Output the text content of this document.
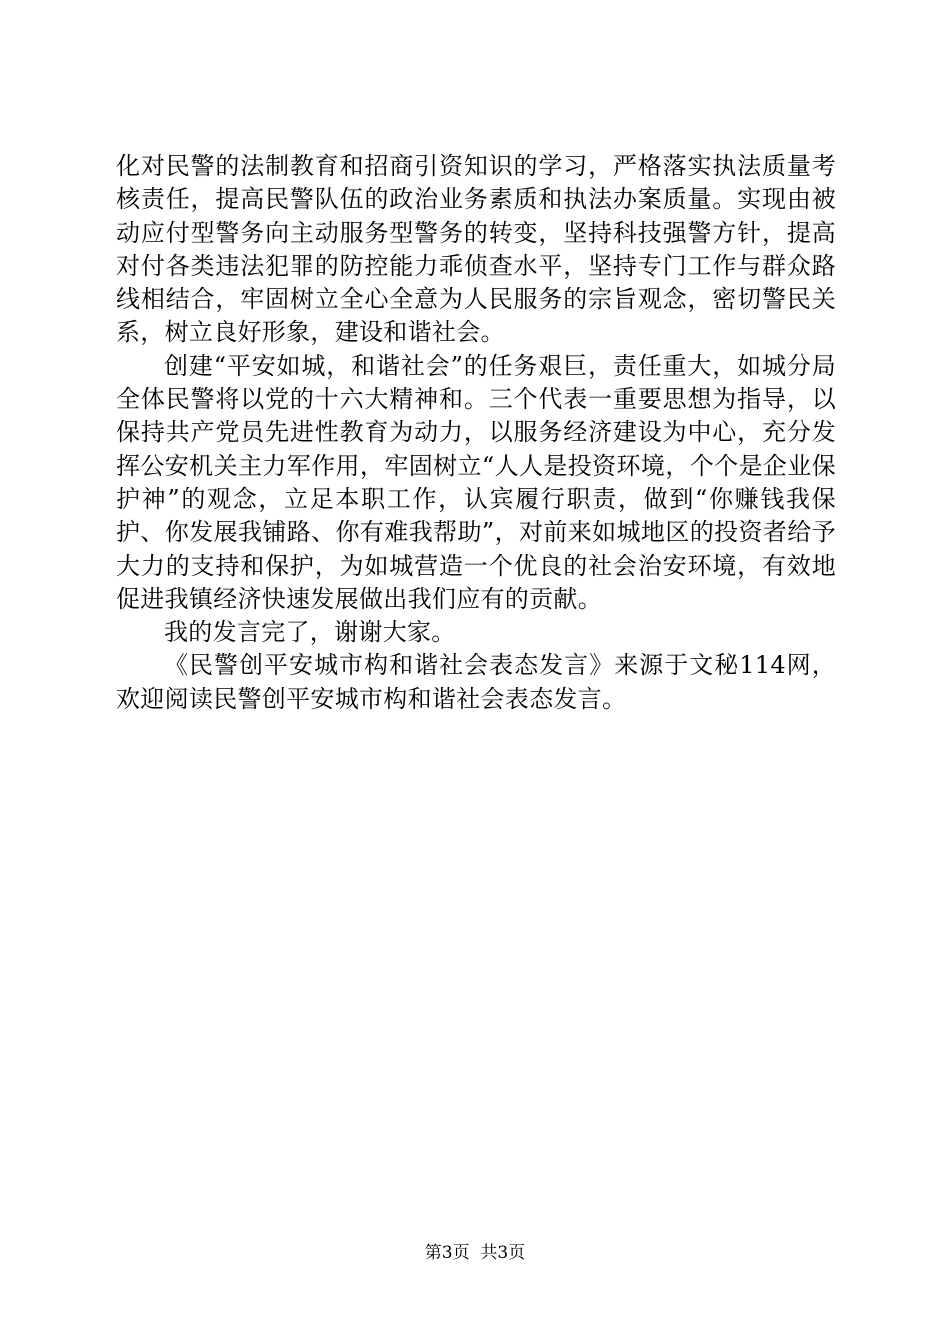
化对民警的法制教育和招商引资知识的学习，严格落实执法质量考核责任，提高民警队伍的政治业务素质和执法办案质量。实现由被动应付型警务向主动服务型警务的转变，坚持科技强警方针，提高对付各类违法犯罪的防控能力乖侦查水平，坚持专门工作与群众路线相结合，牢固树立全心全意为人民服务的宗旨观念，密切警民关系，树立良好形象，建设和谐社会。

创建“平安如城，和谐社会”的任务艰巨，责任重大，如城分局全体民警将以党的十六大精神和。三个代表一重要思想为指导，以保持共产党员先进性教育为动力，以服务经济建设为中心，充分发挥公安机关主力军作用，牢固树立“人人是投资环境，个个是企业保护神”的观念，立足本职工作，认宾履行职责，做到“你赚钱我保护、你发展我铺路、你有难我帮助”，对前来如城地区的投资者给予大力的支持和保护，为如城营造一个优良的社会治安环境，有效地促进我镇经济快速发展做出我们应有的贡献。

我的发言完了，谢谢大家。

《民警创平安城市构和谐社会表态发言》来源于文秘114网，欢迎阅读民警创平安城市构和谐社会表态发言。

第3页  共3页
